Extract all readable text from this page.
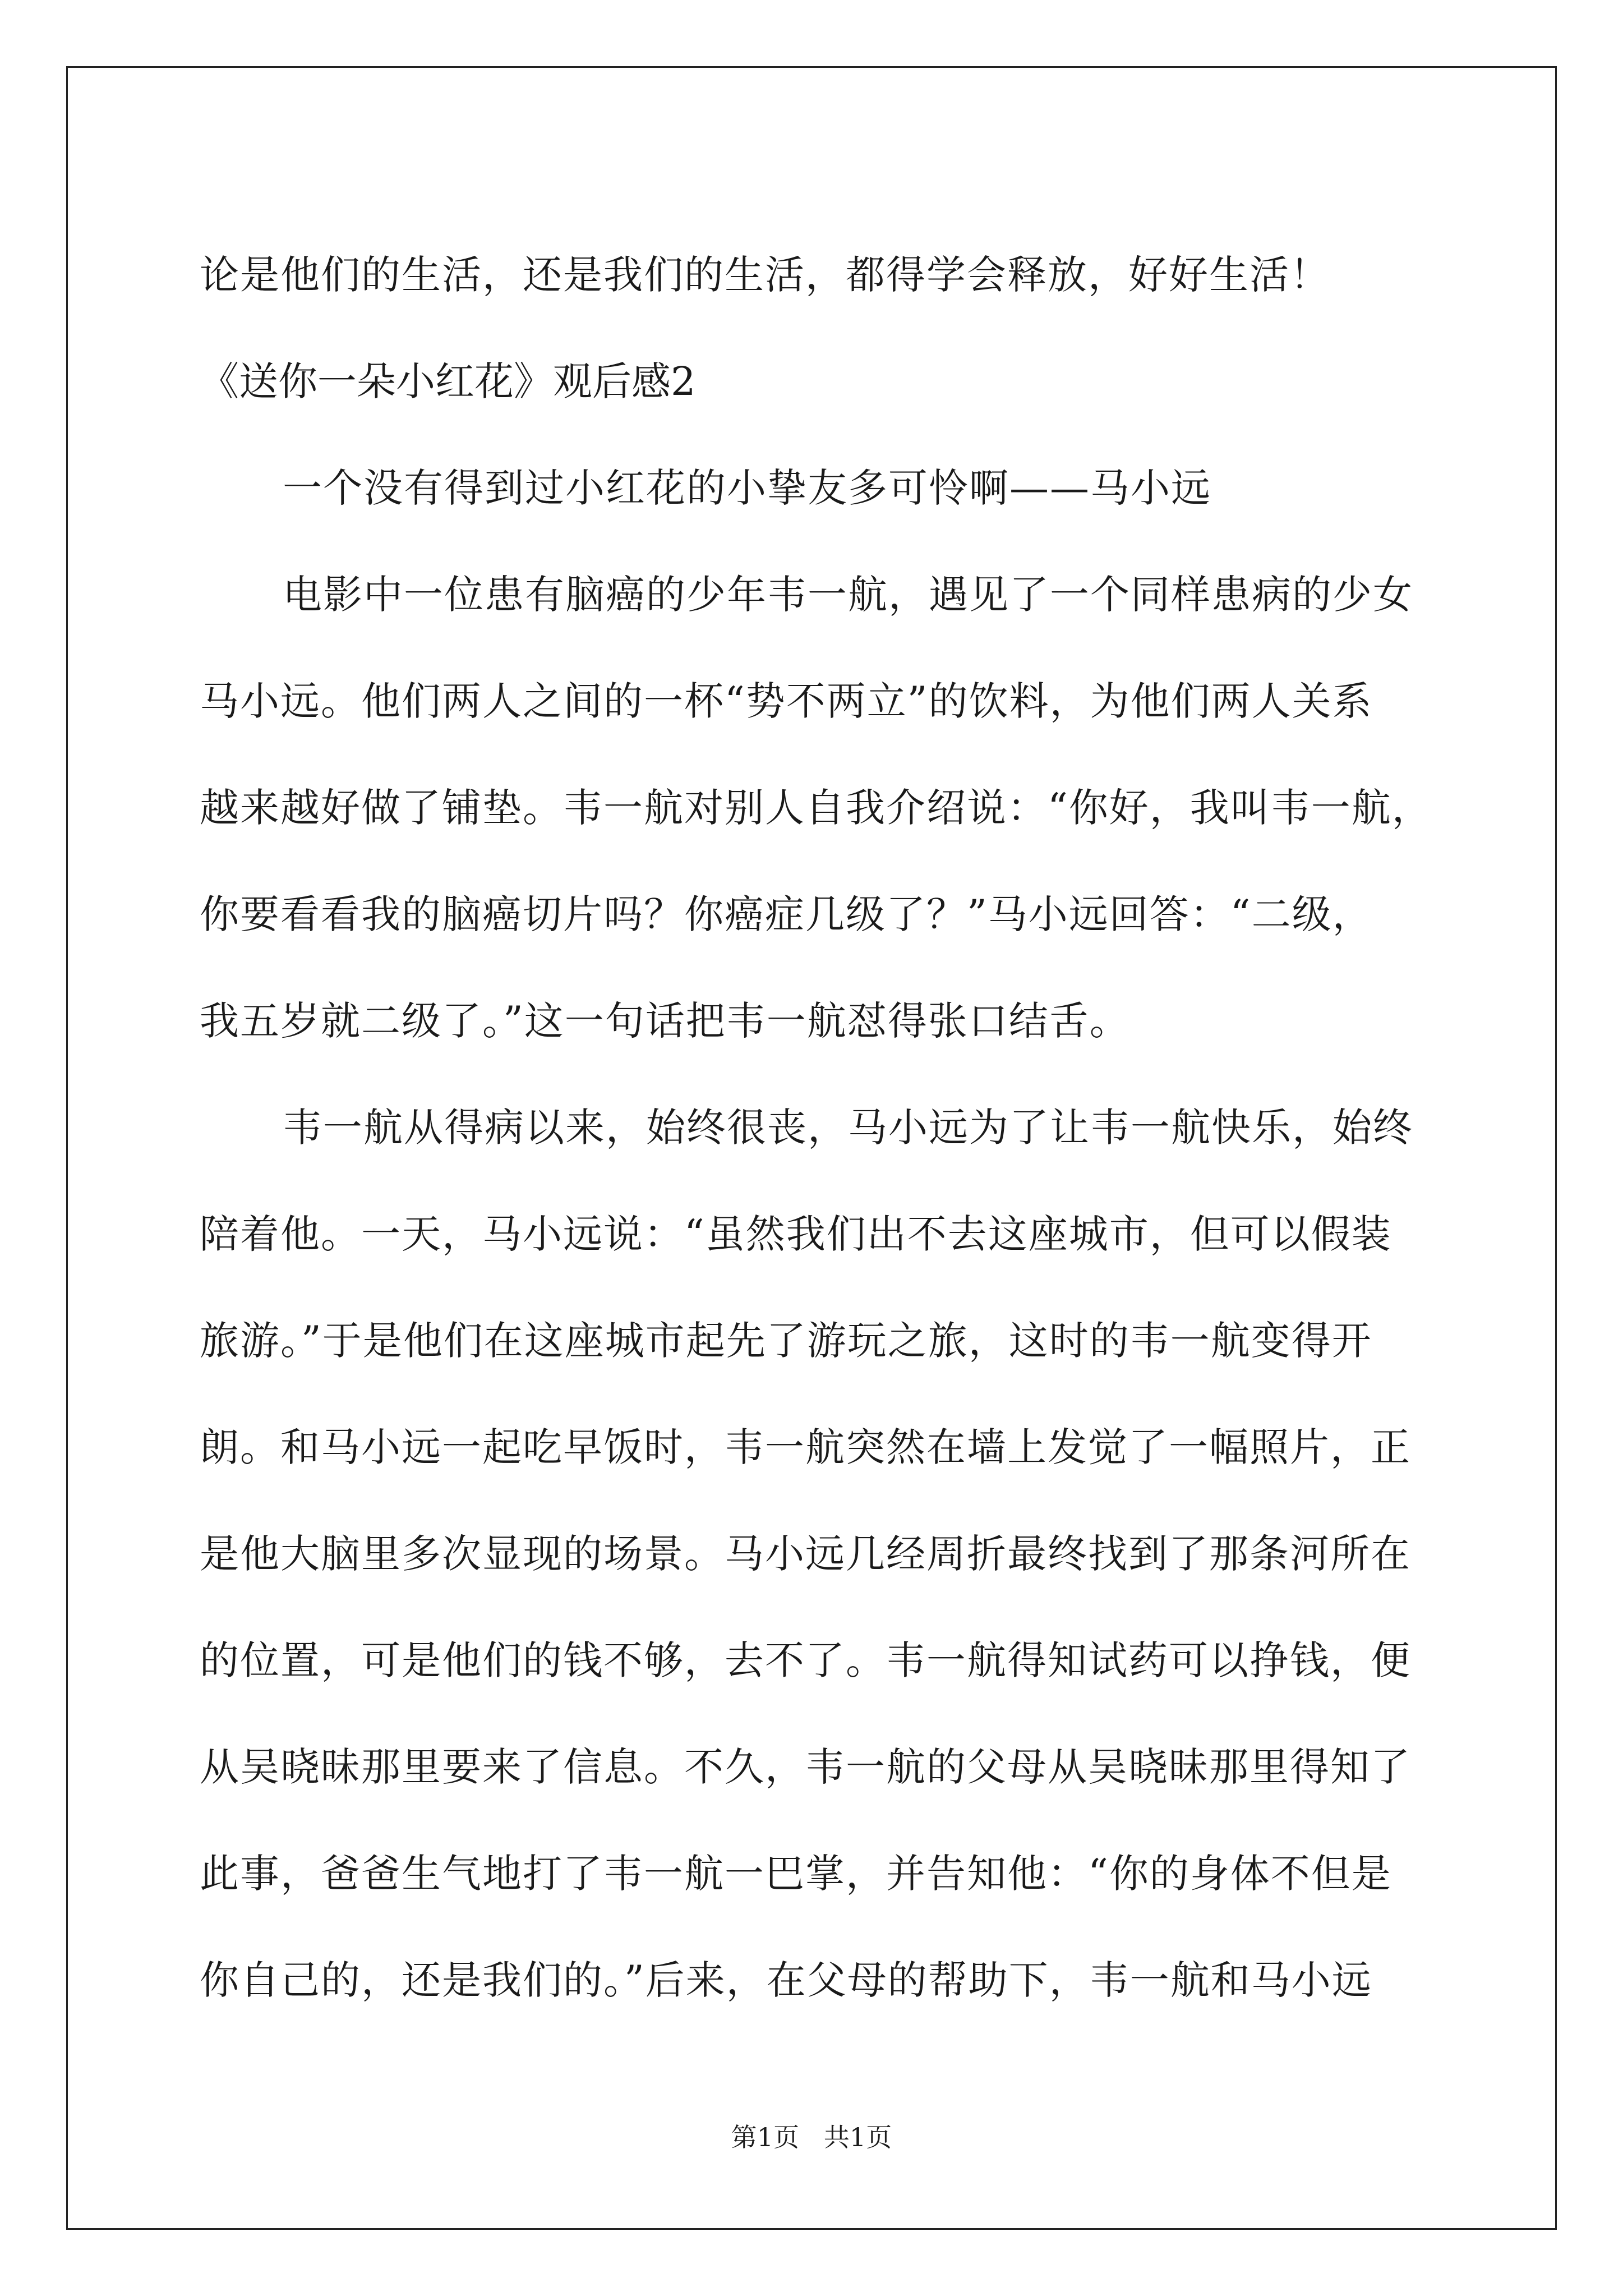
论是他们的生活，还是我们的生活，都得学会释放，好好生活！
《送你一朵小红花》观后感2
一个没有得到过小红花的小挚友多可怜啊——马小远
电影中一位患有脑癌的少年韦一航，遇见了一个同样患病的少女
马小远。他们两人之间的一杯“势不两立”的饮料，为他们两人关系
越来越好做了铺垫。韦一航对别人自我介绍说：“你好，我叫韦一航，
你要看看我的脑癌切片吗？你癌症几级了？”马小远回答：“二级，
我五岁就二级了。”这一句话把韦一航怼得张口结舌。
韦一航从得病以来，始终很丧，马小远为了让韦一航快乐，始终
陪着他。一天，马小远说：“虽然我们出不去这座城市，但可以假装
旅游。”于是他们在这座城市起先了游玩之旅，这时的韦一航变得开
朗。和马小远一起吃早饭时，韦一航突然在墙上发觉了一幅照片，正
是他大脑里多次显现的场景。马小远几经周折最终找到了那条河所在
的位置，可是他们的钱不够，去不了。韦一航得知试药可以挣钱，便
从吴晓昧那里要来了信息。不久，韦一航的父母从吴晓昧那里得知了
此事，爸爸生气地打了韦一航一巴掌，并告知他：“你的身体不但是
你自己的，还是我们的。”后来，在父母的帮助下，韦一航和马小远
第1页   共1页
